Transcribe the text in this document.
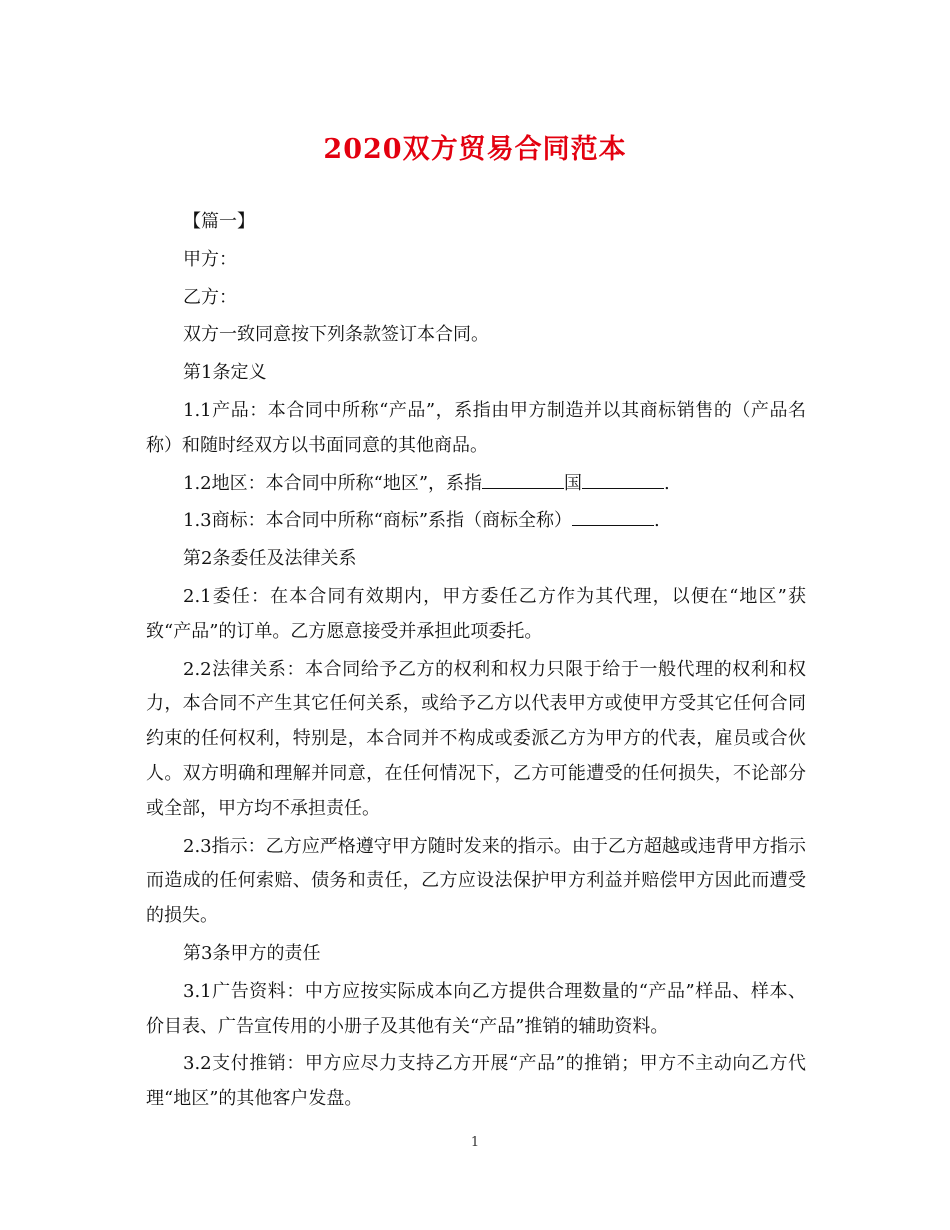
2020双方贸易合同范本

【篇一】

甲方：

乙方：

双方一致同意按下列条款签订本合同。

第1条定义

1.1产品：本合同中所称“产品”，系指由甲方制造并以其商标销售的（产品名称）和随时经双方以书面同意的其他商品。

1.2地区：本合同中所称“地区”，系指	国	.

1.3商标：本合同中所称“商标”系指（商标全称）	.

第2条委任及法律关系

2.1委任：在本合同有效期内，甲方委任乙方作为其代理，以便在“地区”获致“产品”的订单。乙方愿意接受并承担此项委托。

2.2法律关系：本合同给予乙方的权利和权力只限于给于一般代理的权利和权力，本合同不产生其它任何关系，或给予乙方以代表甲方或使甲方受其它任何合同约束的任何权利，特别是，本合同并不构成或委派乙方为甲方的代表，雇员或合伙人。双方明确和理解并同意，在任何情况下，乙方可能遭受的任何损失，不论部分或全部，甲方均不承担责任。

2.3指示：乙方应严格遵守甲方随时发来的指示。由于乙方超越或违背甲方指示而造成的任何索赔、债务和责任，乙方应设法保护甲方利益并赔偿甲方因此而遭受的损失。

第3条甲方的责任

3.1广告资料：中方应按实际成本向乙方提供合理数量的“产品”样品、样本、价目表、广告宣传用的小册子及其他有关“产品”推销的辅助资料。

3.2支付推销：甲方应尽力支持乙方开展“产品”的推销；甲方不主动向乙方代理“地区”的其他客户发盘。

1
